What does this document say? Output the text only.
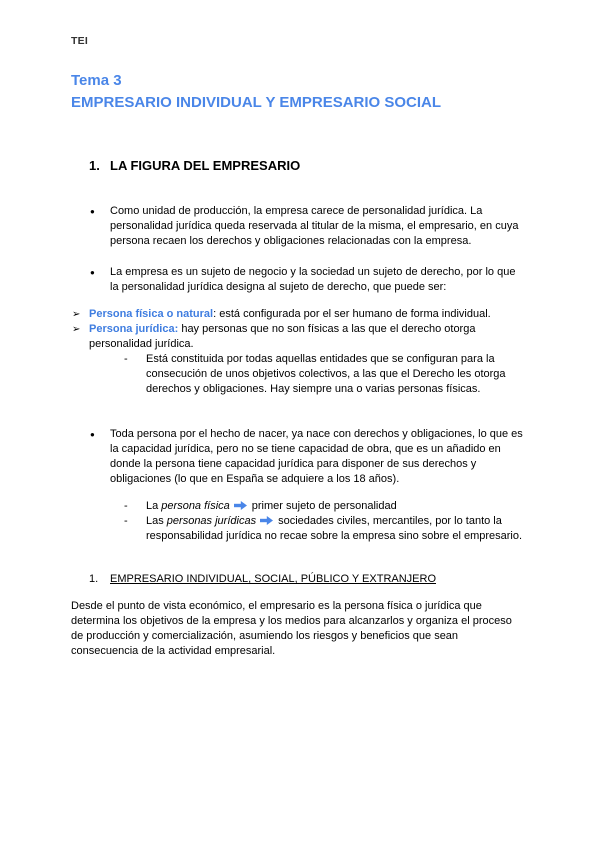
TEI
Tema 3
EMPRESARIO INDIVIDUAL Y EMPRESARIO SOCIAL
1. LA FIGURA DEL EMPRESARIO
● Como unidad de producción, la empresa carece de personalidad jurídica. La personalidad jurídica queda reservada al titular de la misma, el empresario, en cuya persona recaen los derechos y obligaciones relacionadas con la empresa.
● La empresa es un sujeto de negocio y la sociedad un sujeto de derecho, por lo que la personalidad jurídica designa al sujeto de derecho, que puede ser:
➢ Persona física o natural: está configurada por el ser humano de forma individual.
➢ Persona jurídica: hay personas que no son físicas a las que el derecho otorga personalidad jurídica.
- Está constituida por todas aquellas entidades que se configuran para la consecución de unos objetivos colectivos, a las que el Derecho les otorga derechos y obligaciones. Hay siempre una o varias personas físicas.
● Toda persona por el hecho de nacer, ya nace con derechos y obligaciones, lo que es la capacidad jurídica, pero no se tiene capacidad de obra, que es un añadido en donde la persona tiene capacidad jurídica para disponer de sus derechos y obligaciones (lo que en España se adquiere a los 18 años).
- La persona física primer sujeto de personalidad
- Las personas jurídicas sociedades civiles, mercantiles, por lo tanto la responsabilidad jurídica no recae sobre la empresa sino sobre el empresario.
1. EMPRESARIO INDIVIDUAL, SOCIAL, PÚBLICO Y EXTRANJERO
Desde el punto de vista económico, el empresario es la persona física o jurídica que determina los objetivos de la empresa y los medios para alcanzarlos y organiza el proceso de producción y comercialización, asumiendo los riesgos y beneficios que sean consecuencia de la actividad empresarial.
